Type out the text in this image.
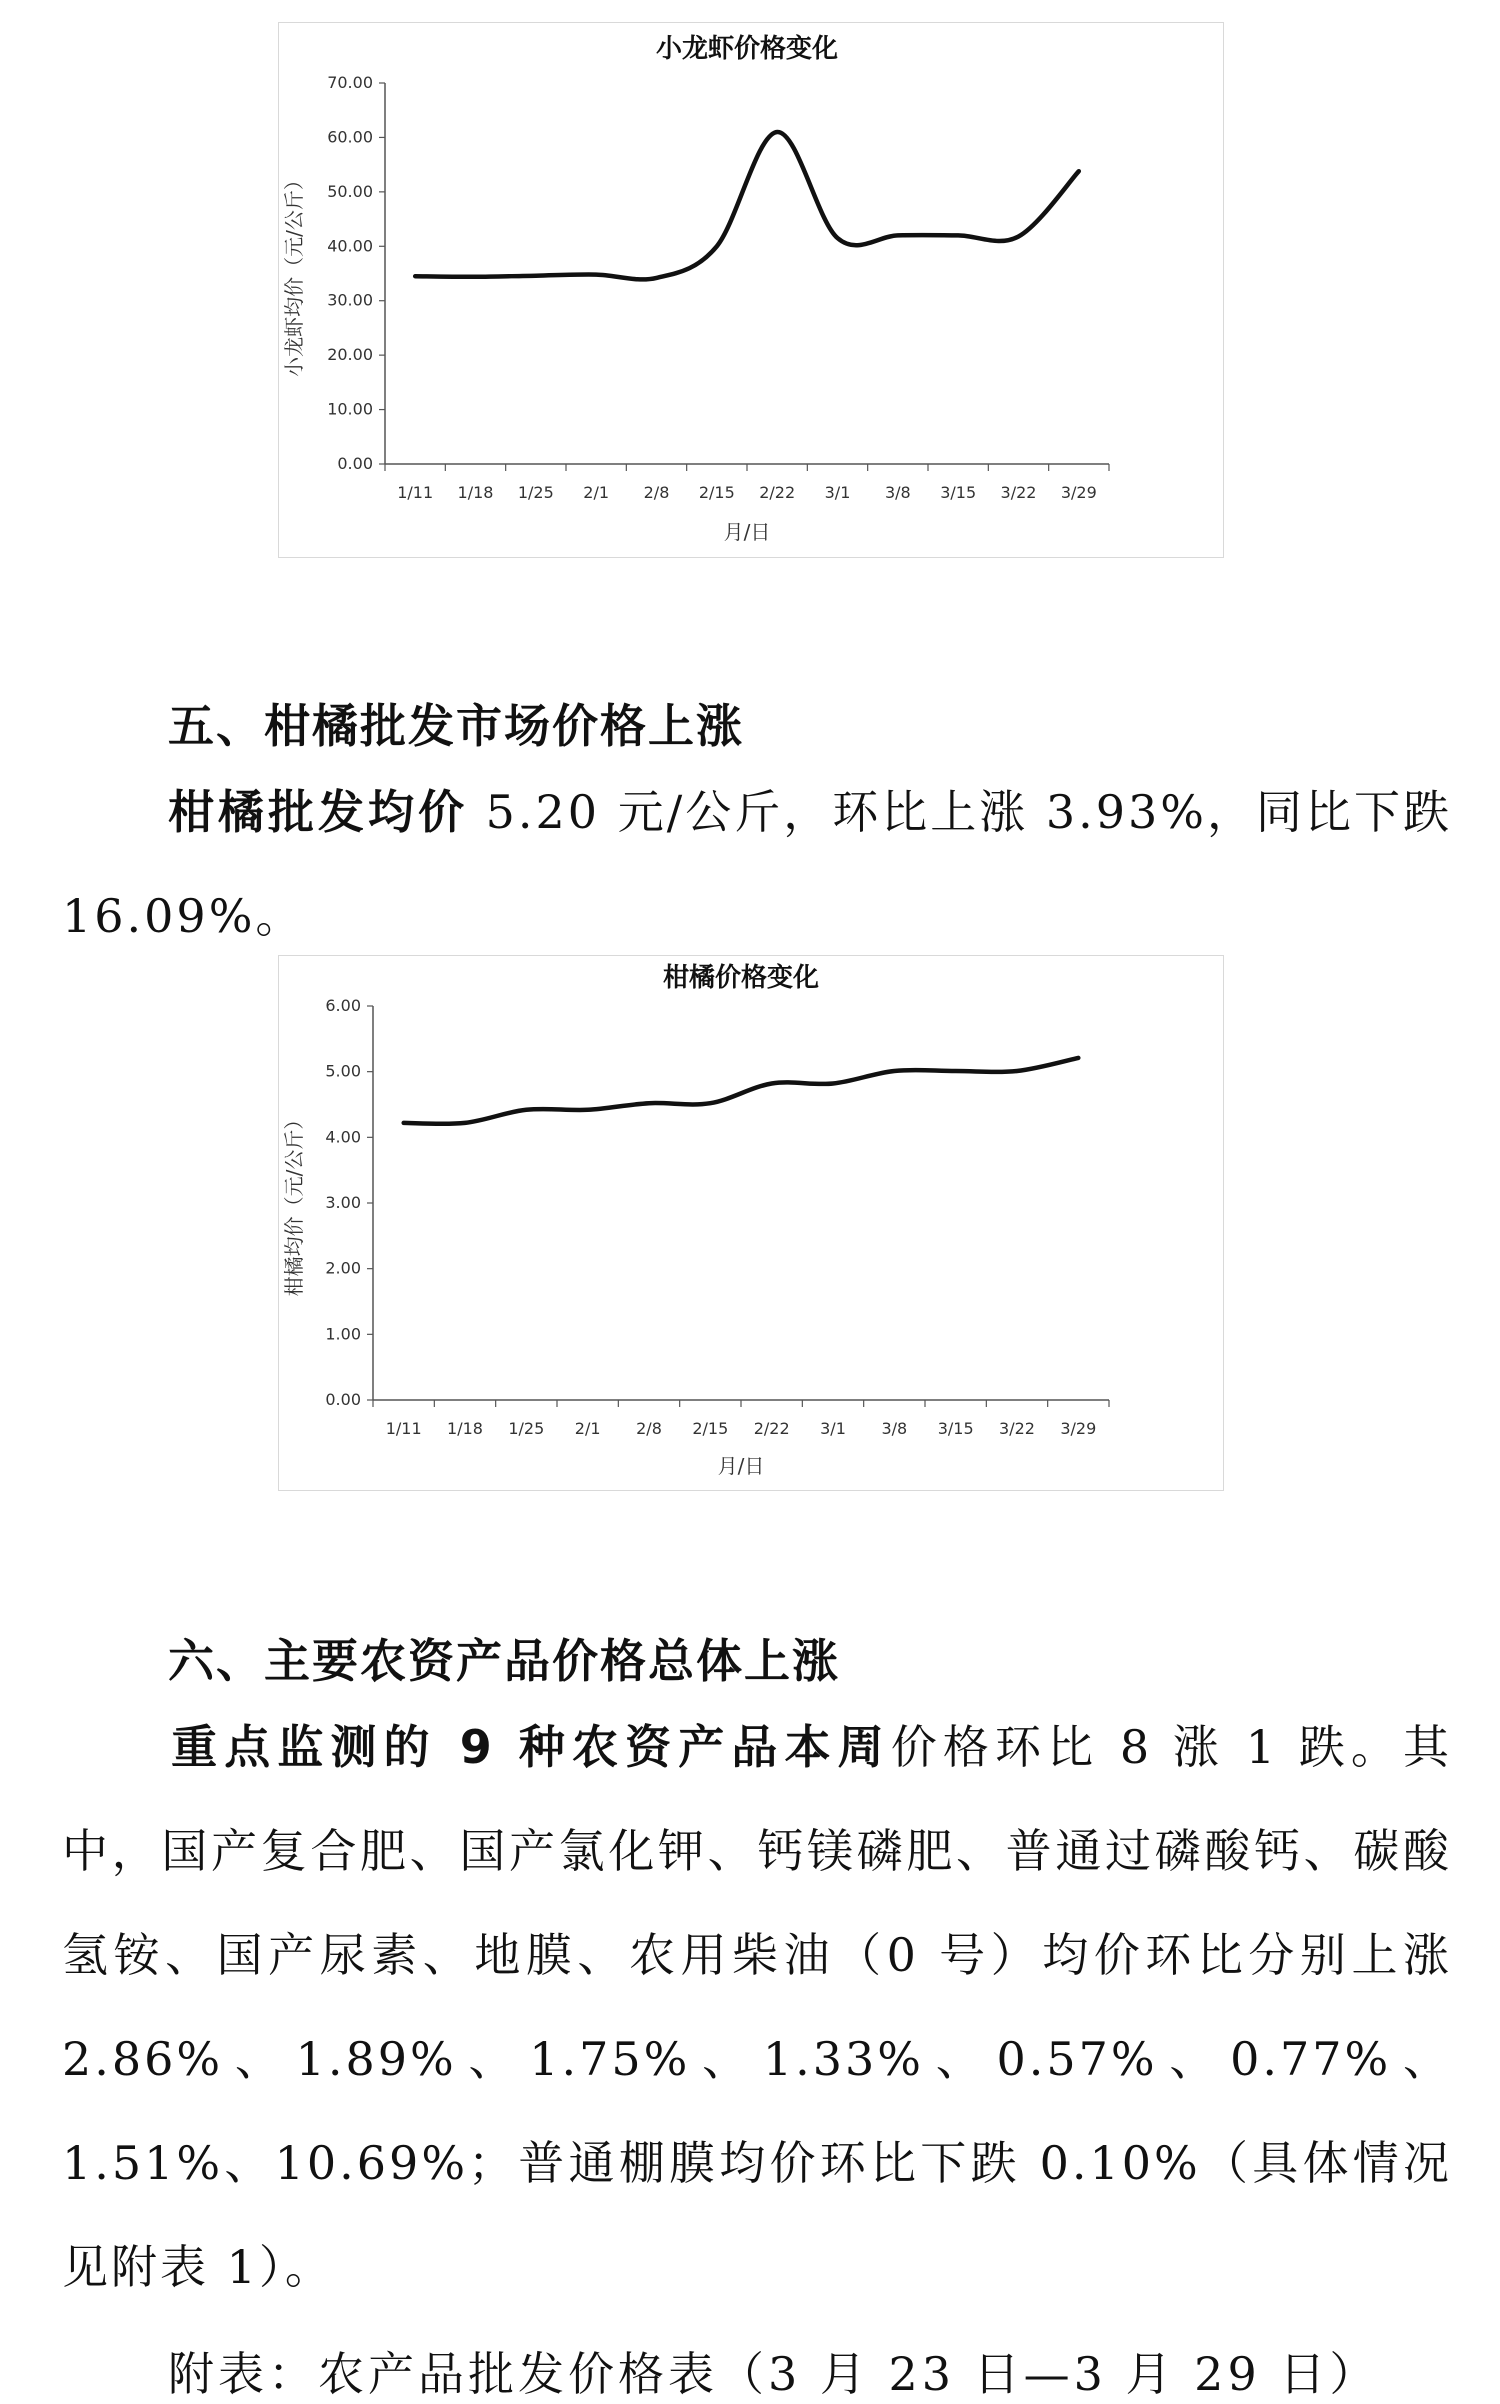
小龙虾价格变化
0.00
10.00
20.00
30.00
40.00
50.00
60.00
70.00
1/11 1/18 1/25 2/1 2/8 2/15 2/22 3/1 3/8 3/15 3/22 3/29
月/日
小龙虾均价（元/公斤）
五、柑橘批发市场价格上涨

柑橘批发均价 5.20 元/公斤，环比上涨 3.93%，同比下跌 16.09%。

柑橘价格变化
0.00
1.00
2.00
3.00
4.00
5.00
6.00
1/11 1/18 1/25 2/1 2/8 2/15 2/22 3/1 3/8 3/15 3/22 3/29
月/日
柑橘均价（元/公斤）
六、主要农资产品价格总体上涨

重点监测的 9 种农资产品本周价格环比 8 涨 1 跌。其中，国产复合肥、国产氯化钾、钙镁磷肥、普通过磷酸钙、碳酸氢铵、国产尿素、地膜、农用柴油（0 号）均价环比分别上涨 2.86%、1.89%、1.75%、1.33%、0.57%、0.77%、1.51%、10.69%；普通棚膜均价环比下跌 0.10%（具体情况见附表 1）。

附表：农产品批发价格表（3 月 23 日—3 月 29 日）
